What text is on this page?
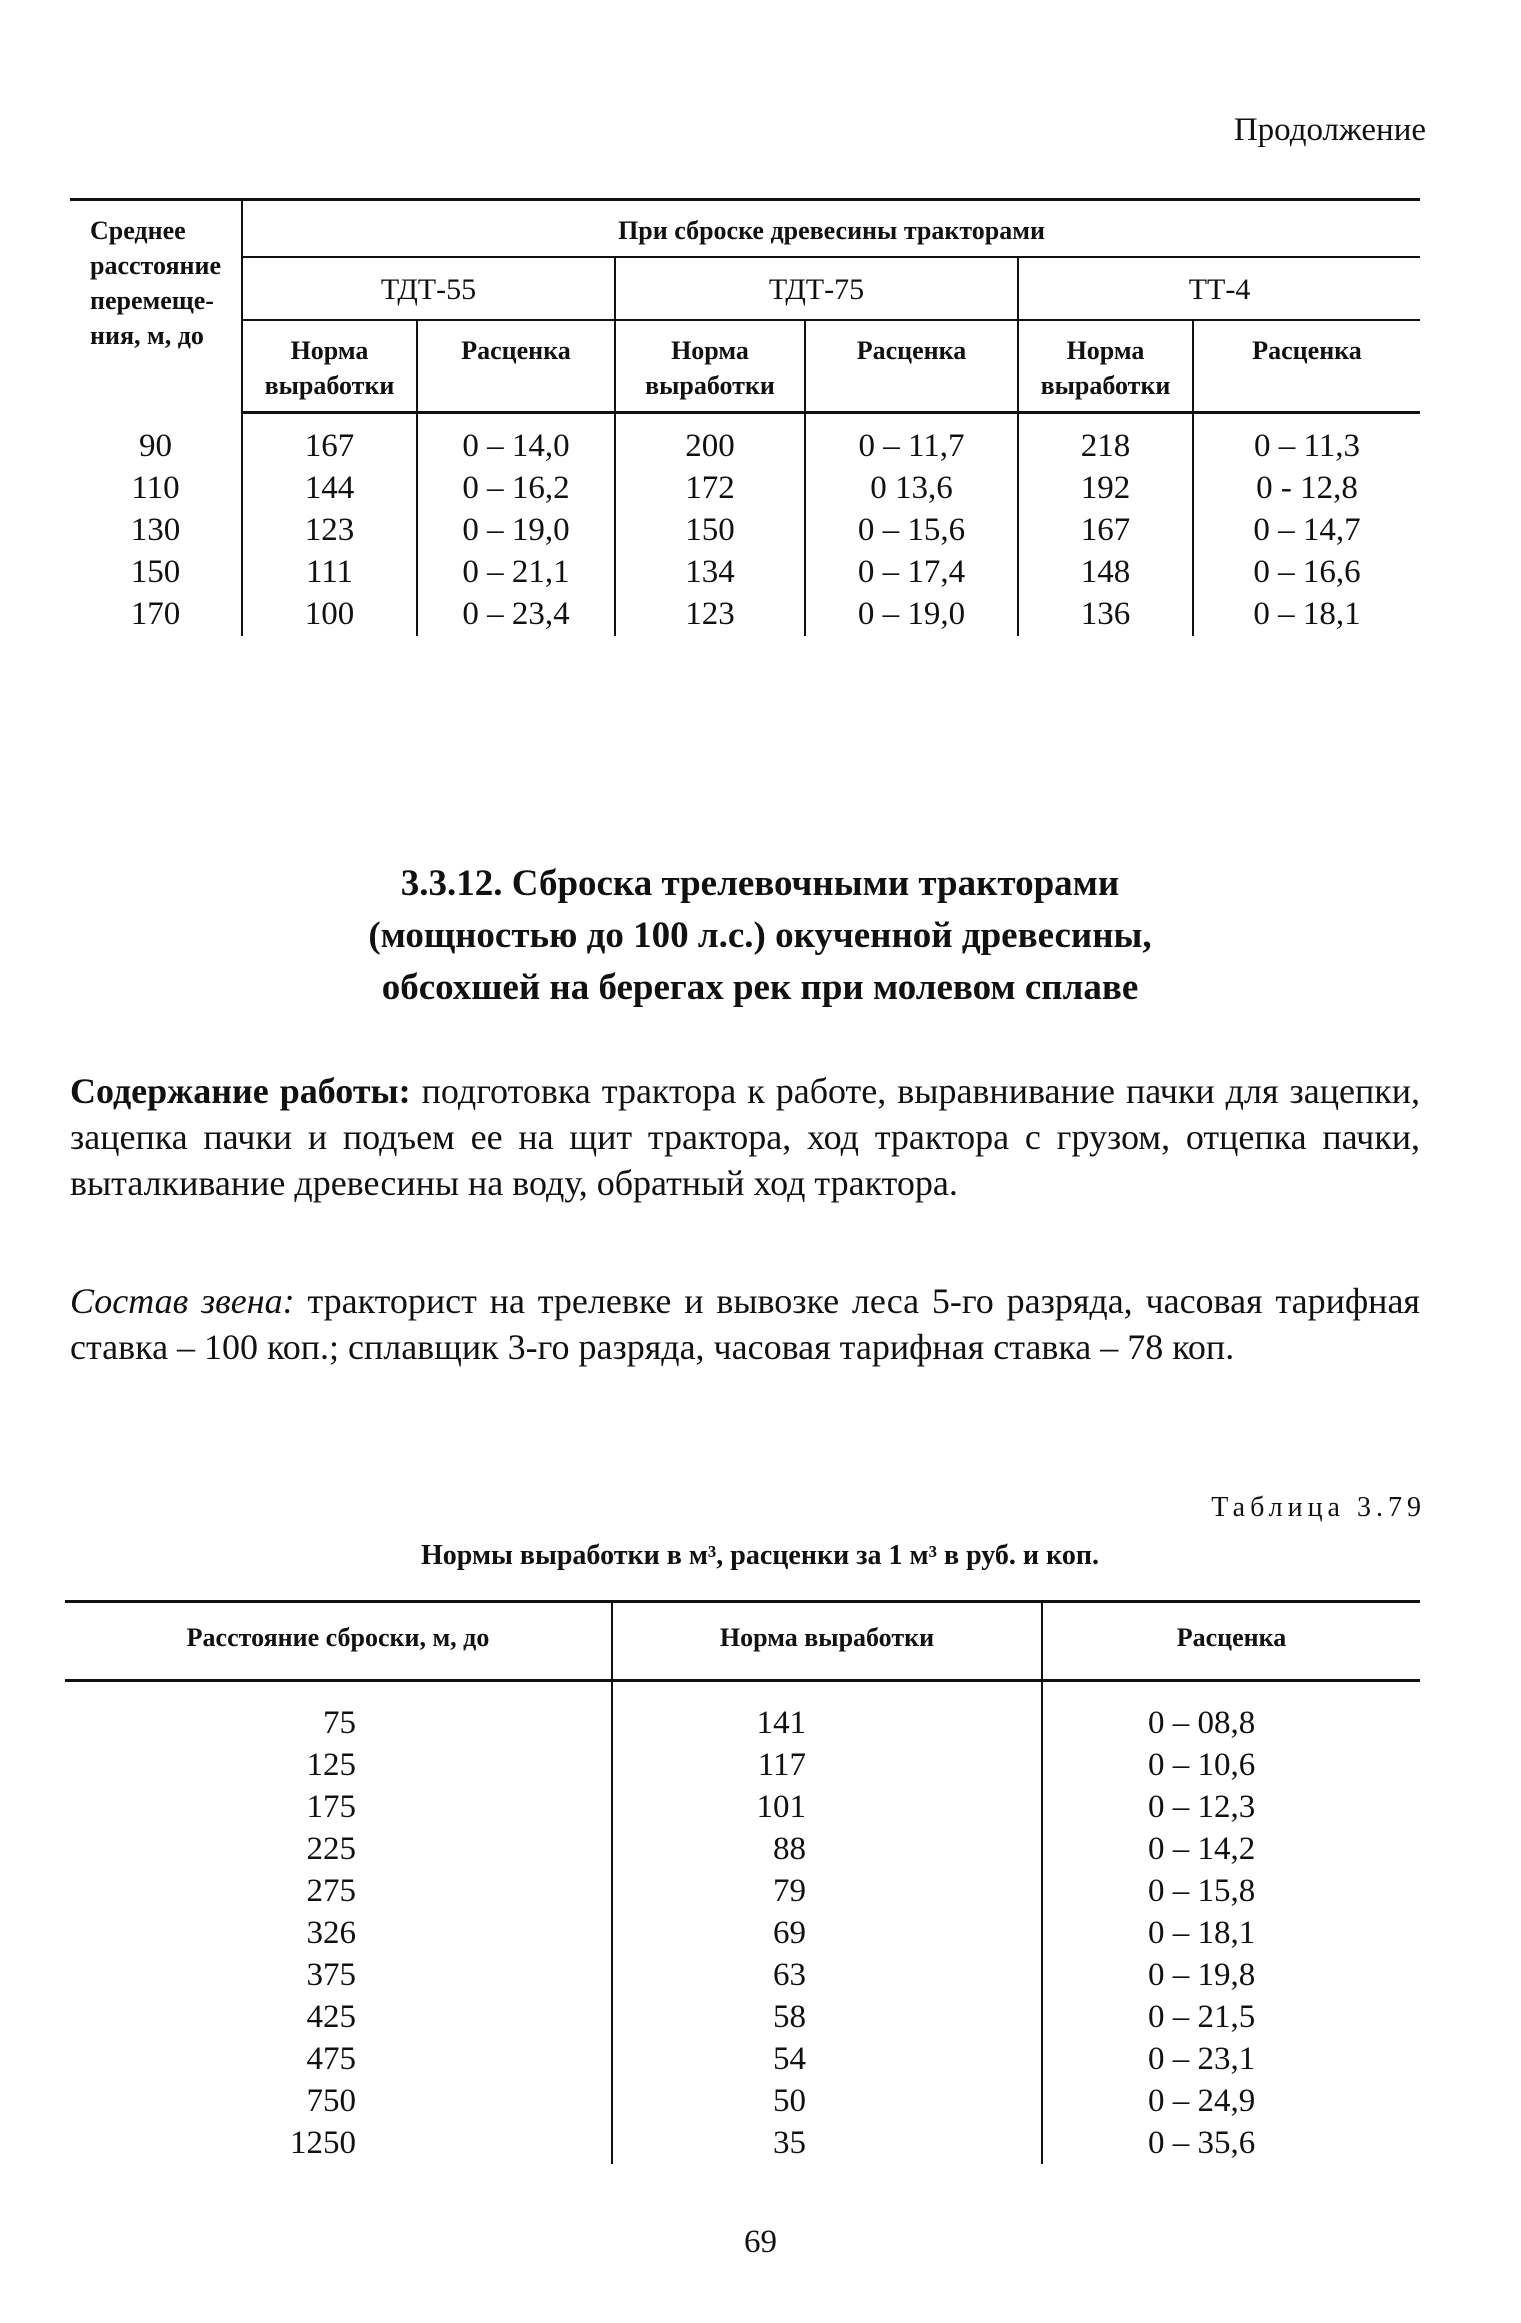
Продолжение
Среднее расстояние перемеще-ния, м, до	При сброске древесины тракторами					
	ТДТ-55		ТДТ-75		ТТ-4	
	Норма выработки	Расценка	Норма выработки	Расценка	Норма выработки	Расценка
90	167	0 – 14,0	200	0 – 11,7	218	0 – 11,3
110	144	0 – 16,2	172	0 13,6	192	0 - 12,8
130	123	0 – 19,0	150	0 – 15,6	167	0 – 14,7
150	111	0 – 21,1	134	0 – 17,4	148	0 – 16,6
170	100	0 – 23,4	123	0 – 19,0	136	0 – 18,1
3.3.12. Сброска трелевочными тракторами
(мощностью до 100 л.с.) окученной древесины,
обсохшей на берегах рек при молевом сплаве
Содержание работы: подготовка трактора к работе, выравнивание пачки для зацепки, зацепка пачки и подъем ее на щит трактора, ход трактора с грузом, отцепка пачки, выталкивание древесины на воду, обратный ход трактора.
Состав звена: тракторист на трелевке и вывозке леса 5-го разряда, часовая тарифная ставка – 100 коп.; сплавщик 3-го разряда, часовая тарифная ставка – 78 коп.
Таблица 3.79
Нормы выработки в м³, расценки за 1 м³ в руб. и коп.
Расстояние сброски, м, до	Норма выработки	Расценка
75	141	0 – 08,8
125	117	0 – 10,6
175	101	0 – 12,3
225	88	0 – 14,2
275	79	0 – 15,8
326	69	0 – 18,1
375	63	0 – 19,8
425	58	0 – 21,5
475	54	0 – 23,1
750	50	0 – 24,9
1250	35	0 – 35,6
69
